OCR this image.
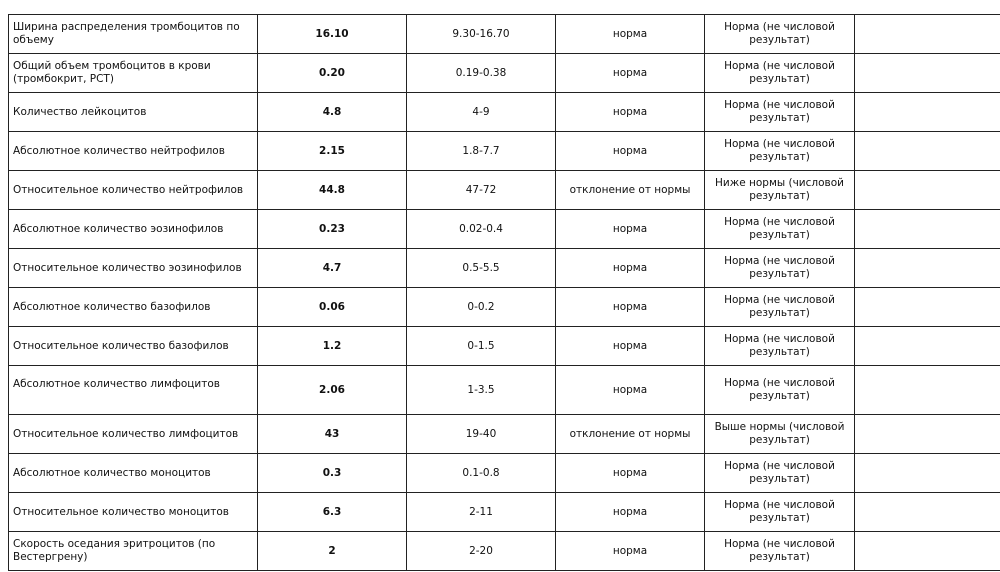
Ширина распределения тромбоцитов по объему	16.10	9.30-16.70	норма	Норма (не числовой результат)	
Общий объем тромбоцитов в крови (тромбокрит, PCT)	0.20	0.19-0.38	норма	Норма (не числовой результат)	
Количество лейкоцитов	4.8	4-9	норма	Норма (не числовой результат)	
Абсолютное количество нейтрофилов	2.15	1.8-7.7	норма	Норма (не числовой результат)	
Относительное количество нейтрофилов	44.8	47-72	отклонение от нормы	Ниже нормы (числовой результат)	
Абсолютное количество эозинофилов	0.23	0.02-0.4	норма	Норма (не числовой результат)	
Относительное количество эозинофилов	4.7	0.5-5.5	норма	Норма (не числовой результат)	
Абсолютное количество базофилов	0.06	0-0.2	норма	Норма (не числовой результат)	
Относительное количество базофилов	1.2	0-1.5	норма	Норма (не числовой результат)	
Абсолютное количество лимфоцитов	2.06	1-3.5	норма	Норма (не числовой результат)	
Относительное количество лимфоцитов	43	19-40	отклонение от нормы	Выше нормы (числовой результат)	
Абсолютное количество моноцитов	0.3	0.1-0.8	норма	Норма (не числовой результат)	
Относительное количество моноцитов	6.3	2-11	норма	Норма (не числовой результат)	
Скорость оседания эритроцитов (по Вестергрену)	2	2-20	норма	Норма (не числовой результат)	
